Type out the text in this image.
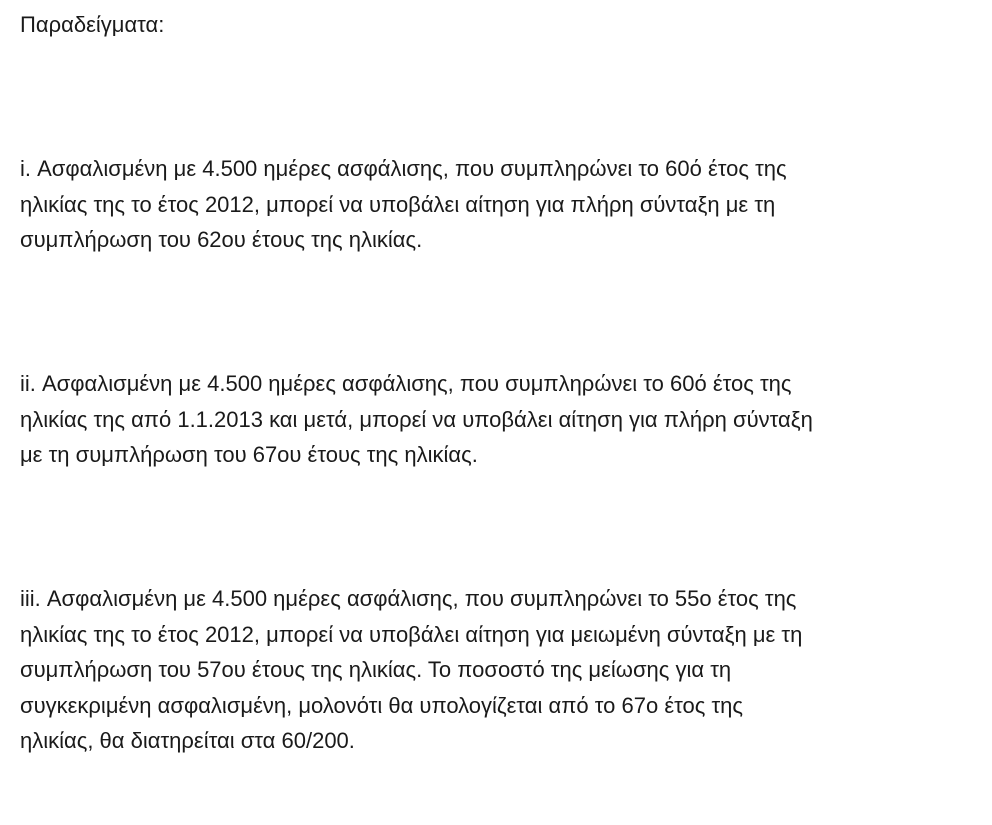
Παραδείγματα:

i. Ασφαλισμένη με 4.500 ημέρες ασφάλισης, που συμπληρώνει το 60ό έτος της
ηλικίας της το έτος 2012, μπορεί να υποβάλει αίτηση για πλήρη σύνταξη με τη
συμπλήρωση του 62ου έτους της ηλικίας.
ii. Ασφαλισμένη με 4.500 ημέρες ασφάλισης, που συμπληρώνει το 60ό έτος της
ηλικίας της από 1.1.2013 και μετά, μπορεί να υποβάλει αίτηση για πλήρη σύνταξη
με τη συμπλήρωση του 67ου έτους της ηλικίας.
iii. Ασφαλισμένη με 4.500 ημέρες ασφάλισης, που συμπληρώνει το 55ο έτος της
ηλικίας της το έτος 2012, μπορεί να υποβάλει αίτηση για μειωμένη σύνταξη με τη
συμπλήρωση του 57ου έτους της ηλικίας. Το ποσοστό της μείωσης για τη
συγκεκριμένη ασφαλισμένη, μολονότι θα υπολογίζεται από το 67ο έτος της
ηλικίας, θα διατηρείται στα 60/200.
